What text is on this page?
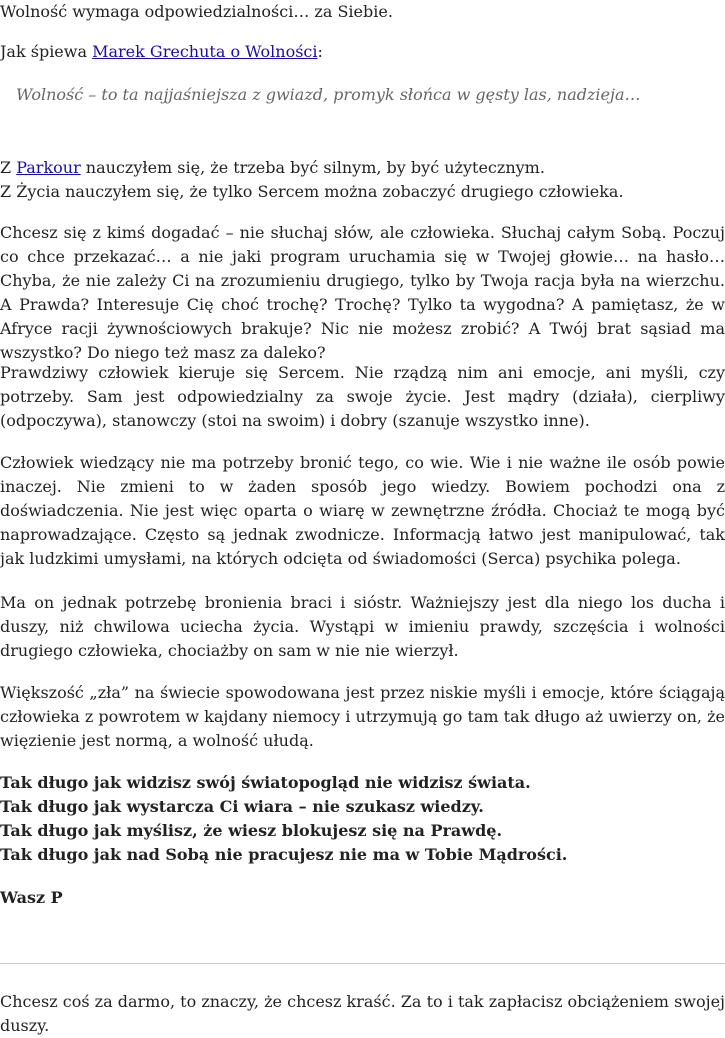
Wolność wymaga odpowiedzialności… za Siebie.

Jak śpiewa Marek Grechuta o Wolności:

Wolność – to ta najjaśniejsza z gwiazd, promyk słońca w gęsty las, nadzieja…

Z Parkour nauczyłem się, że trzeba być silnym, by być użytecznym.

Z Życia nauczyłem się, że tylko Sercem można zobaczyć drugiego człowieka.

Chcesz się z kimś dogadać – nie słuchaj słów, ale człowieka. Słuchaj całym Sobą. Poczuj co chce przekazać… a nie jaki program uruchamia się w Twojej głowie… na hasło… Chyba, że nie zależy Ci na zrozumieniu drugiego, tylko by Twoja racja była na wierzchu. A Prawda? Interesuje Cię choć trochę? Trochę? Tylko ta wygodna? A pamiętasz, że w Afryce racji żywnościowych brakuje? Nic nie możesz zrobić? A Twój brat sąsiad ma wszystko? Do niego też masz za daleko?

Prawdziwy człowiek kieruje się Sercem. Nie rządzą nim ani emocje, ani myśli, czy potrzeby. Sam jest odpowiedzialny za swoje życie. Jest mądry (działa), cierpliwy (odpoczywa), stanowczy (stoi na swoim) i dobry (szanuje wszystko inne).

Człowiek wiedzący nie ma potrzeby bronić tego, co wie. Wie i nie ważne ile osób powie inaczej. Nie zmieni to w żaden sposób jego wiedzy. Bowiem pochodzi ona z doświadczenia. Nie jest więc oparta o wiarę w zewnętrzne źródła. Chociaż te mogą być naprowadzające. Często są jednak zwodnicze. Informacją łatwo jest manipulować, tak jak ludzkimi umysłami, na których odcięta od świadomości (Serca) psychika polega.

Ma on jednak potrzebę bronienia braci i sióstr. Ważniejszy jest dla niego los ducha i duszy, niż chwilowa uciecha życia. Wystąpi w imieniu prawdy, szczęścia i wolności drugiego człowieka, chociażby on sam w nie nie wierzył.

Większość „zła” na świecie spowodowana jest przez niskie myśli i emocje, które ściągają człowieka z powrotem w kajdany niemocy i utrzymują go tam tak długo aż uwierzy on, że więzienie jest normą, a wolność ułudą.

Tak długo jak widzisz swój światopogląd nie widzisz świata.

Tak długo jak wystarcza Ci wiara – nie szukasz wiedzy.

Tak długo jak myślisz, że wiesz blokujesz się na Prawdę.

Tak długo jak nad Sobą nie pracujesz nie ma w Tobie Mądrości.

Wasz P

Chcesz coś za darmo, to znaczy, że chcesz kraść. Za to i tak zapłacisz obciążeniem swojej duszy.
